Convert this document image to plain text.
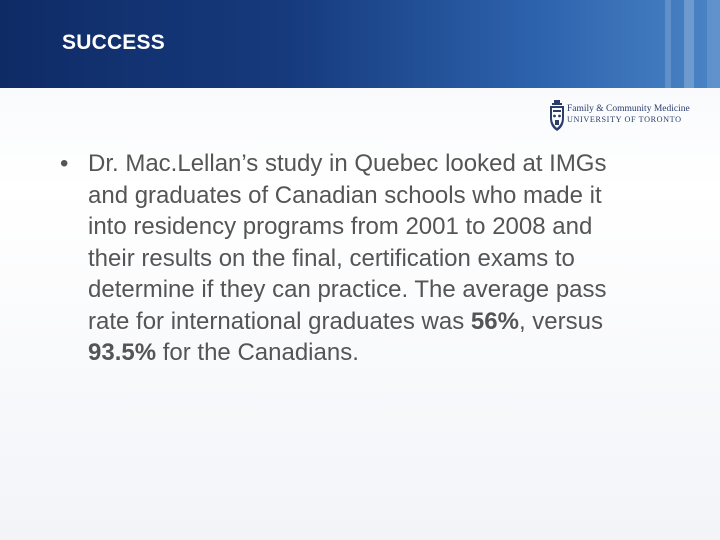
SUCCESS
Family & Community Medicine
UNIVERSITY OF TORONTO
• Dr. Mac.Lellan’s study in Quebec looked at IMGs and graduates of Canadian schools who made it into residency programs from 2001 to 2008 and their results on the final, certification exams to determine if they can practice. The average pass rate for international graduates was 56%, versus 93.5% for the Canadians.
